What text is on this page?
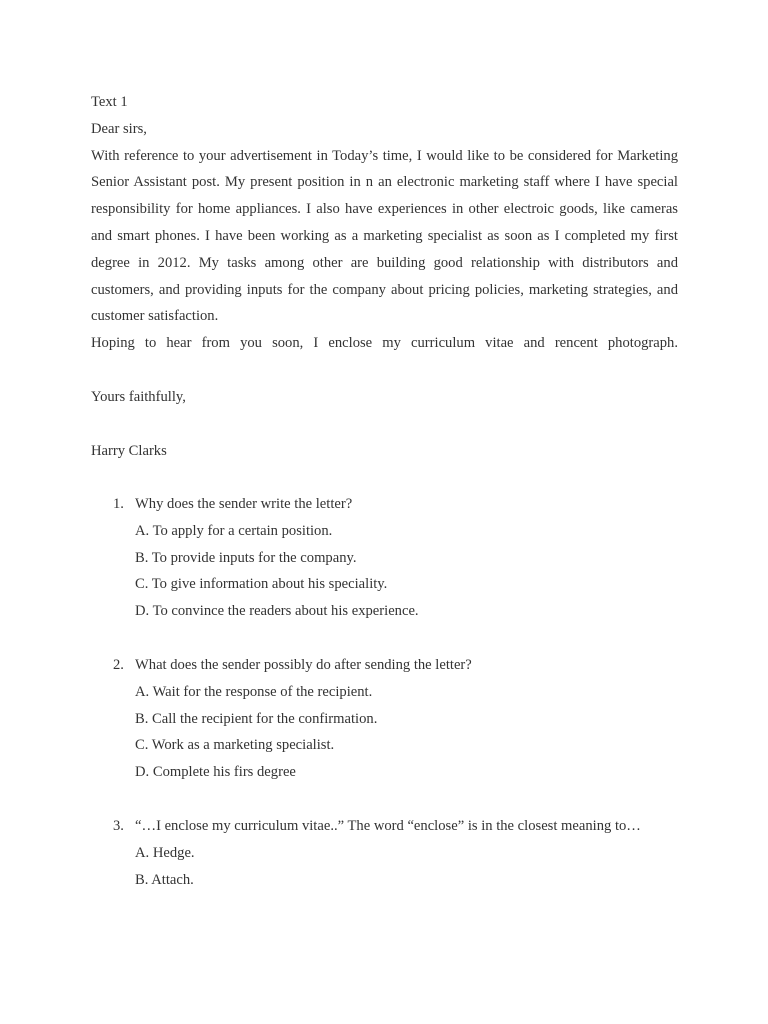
Text 1
Dear sirs,
With reference to your advertisement in Today’s time, I would like to be considered for Marketing
Senior Assistant post. My present position in n an electronic marketing staff where I have special
responsibility for home appliances. I also have experiences in other electroic goods, like cameras
and smart phones. I have been working as a marketing specialist as soon as I completed my first
degree in 2012. My tasks among other are building good relationship with distributors and
customers, and providing inputs for the company about pricing policies, marketing strategies, and
customer satisfaction.
Hoping to hear from you soon, I enclose my curriculum vitae and rencent photograph.
Yours faithfully,
Harry Clarks
1. Why does the sender write the letter?
A. To apply for a certain position.
B. To provide inputs for the company.
C. To give information about his speciality.
D. To convince the readers about his experience.
2. What does the sender possibly do after sending the letter?
A. Wait for the response of the recipient.
B. Call the recipient for the confirmation.
C. Work as a marketing specialist.
D. Complete his firs degree
3. “…I enclose my curriculum vitae..” The word “enclose” is in the closest meaning to…
A. Hedge.
B. Attach.
